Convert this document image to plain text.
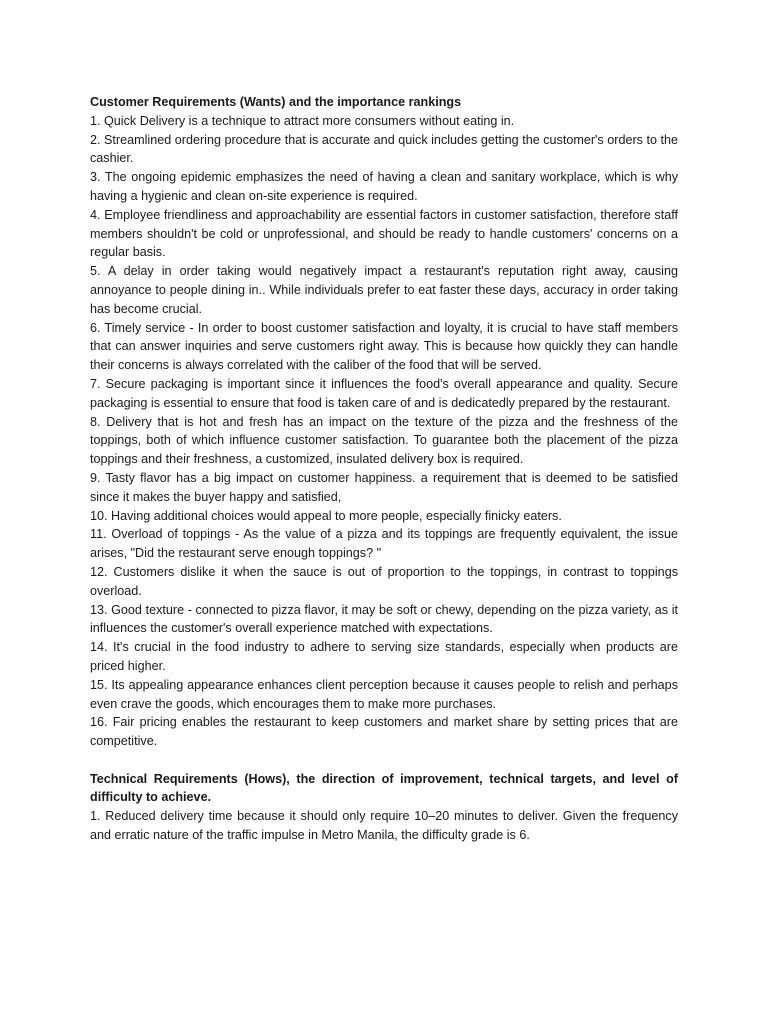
Customer Requirements (Wants) and the importance rankings

1. Quick Delivery is a technique to attract more consumers without eating in.

2. Streamlined ordering procedure that is accurate and quick includes getting the customer's orders to the cashier.

3. The ongoing epidemic emphasizes the need of having a clean and sanitary workplace, which is why having a hygienic and clean on-site experience is required.

4. Employee friendliness and approachability are essential factors in customer satisfaction, therefore staff members shouldn't be cold or unprofessional, and should be ready to handle customers' concerns on a regular basis.

5. A delay in order taking would negatively impact a restaurant's reputation right away, causing annoyance to people dining in.. While individuals prefer to eat faster these days, accuracy in order taking has become crucial.

6. Timely service - In order to boost customer satisfaction and loyalty, it is crucial to have staff members that can answer inquiries and serve customers right away. This is because how quickly they can handle their concerns is always correlated with the caliber of the food that will be served.

7. Secure packaging is important since it influences the food's overall appearance and quality. Secure packaging is essential to ensure that food is taken care of and is dedicatedly prepared by the restaurant.

8. Delivery that is hot and fresh has an impact on the texture of the pizza and the freshness of the toppings, both of which influence customer satisfaction. To guarantee both the placement of the pizza toppings and their freshness, a customized, insulated delivery box is required.

9. Tasty flavor has a big impact on customer happiness. a requirement that is deemed to be satisfied since it makes the buyer happy and satisfied,

10. Having additional choices would appeal to more people, especially finicky eaters.

11. Overload of toppings - As the value of a pizza and its toppings are frequently equivalent, the issue arises, "Did the restaurant serve enough toppings? "

12. Customers dislike it when the sauce is out of proportion to the toppings, in contrast to toppings overload.

13. Good texture - connected to pizza flavor, it may be soft or chewy, depending on the pizza variety, as it influences the customer's overall experience matched with expectations.

14. It's crucial in the food industry to adhere to serving size standards, especially when products are priced higher.

15. Its appealing appearance enhances client perception because it causes people to relish and perhaps even crave the goods, which encourages them to make more purchases.

16. Fair pricing enables the restaurant to keep customers and market share by setting prices that are competitive.

Technical Requirements (Hows), the direction of improvement, technical targets, and level of difficulty to achieve.

1. Reduced delivery time because it should only require 10–20 minutes to deliver. Given the frequency and erratic nature of the traffic impulse in Metro Manila, the difficulty grade is 6.
